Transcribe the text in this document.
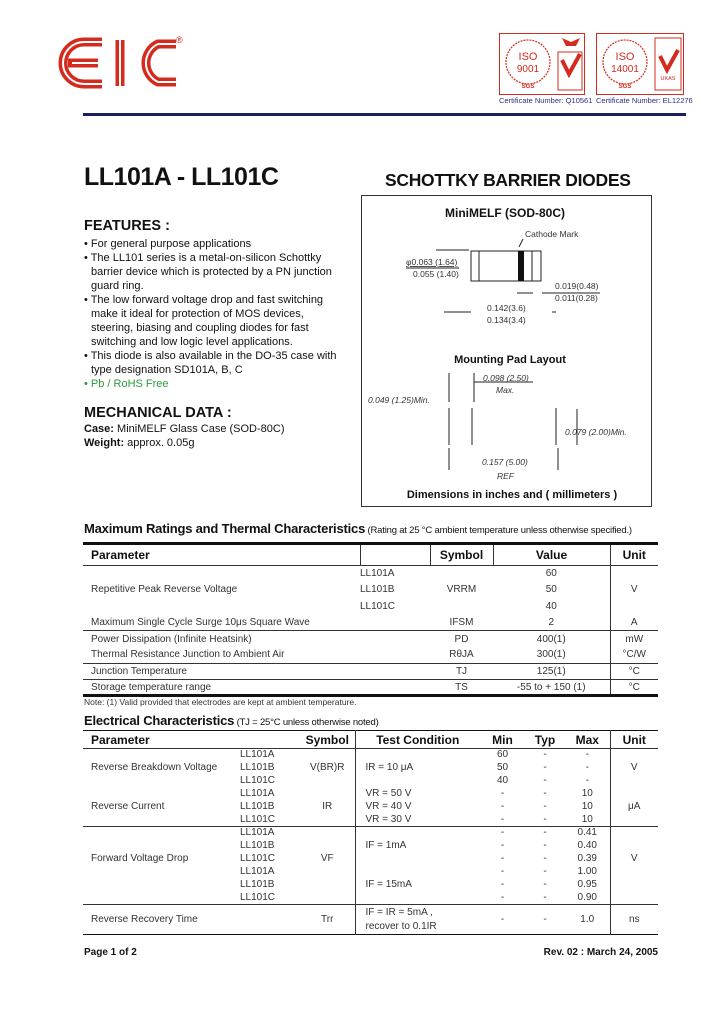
®
ISO
9001
SGS
ISO
14001
SGS
UKAS
Certificate Number: Q10561 Certificate Number: EL12276
LL101A - LL101C	SCHOTTKY BARRIER DIODES
FEATURES :
• For general purpose applications
• The LL101 series is a metal-on-silicon Schottky barrier device which is protected by a PN junction guard ring.
• The low forward voltage drop and fast switching make it ideal for protection of MOS devices, steering, biasing and coupling diodes for fast switching and low logic level applications.
• This diode is also available in the DO-35 case with type designation SD101A, B, C
• Pb / RoHS Free
MECHANICAL DATA :
Case: MiniMELF Glass Case (SOD-80C)
Weight: approx. 0.05g
MiniMELF (SOD-80C)
Cathode Mark
φ0.063 (1.64)
0.055 (1.40)
0.019(0.48)
0.011(0.28)
0.142(3.6)
0.134(3.4)
Mounting Pad Layout
0.098 (2.50)
Max.
0.049 (1.25)Min.
0.079 (2.00)Min.
0.157 (5.00)
REF
Dimensions in inches and ( millimeters )
Maximum Ratings and Thermal Characteristics (Rating at 25 °C ambient temperature unless otherwise specified.)
Parameter		Symbol	Value	Unit
	LL101A		60	
Repetitive Peak Reverse Voltage	LL101B	VRRM	50	V
	LL101C		40	
Maximum Single Cycle Surge 10μs Square Wave		IFSM	2	A
Power Dissipation (Infinite Heatsink)		PD	400(1)	mW
Thermal Resistance Junction to Ambient Air		RθJA	300(1)	°C/W
Junction Temperature		TJ	125(1)	°C
Storage temperature range		TS	-55 to + 150 (1)	°C
Note: (1) Valid provided that electrodes are kept at ambient temperature.
Electrical Characteristics (TJ = 25°C unless otherwise noted)
Parameter		Symbol	Test Condition	Min	Typ	Max	Unit
	LL101A			60	-	-	
Reverse Breakdown Voltage	LL101B	V(BR)R	IR = 10 μA	50	-	-	V
	LL101C			40	-	-	
	LL101A		VR = 50 V	-	-	10	
Reverse Current	LL101B	IR	VR = 40 V	-	-	10	μA
	LL101C		VR = 30 V	-	-	10	
	LL101A			-	-	0.41	
	LL101B		IF = 1mA	-	-	0.40	
Forward Voltage Drop	LL101C	VF		-	-	0.39	V
	LL101A			-	-	1.00	
	LL101B		IF = 15mA	-	-	0.95	
	LL101C			-	-	0.90	
Reverse Recovery Time		Trr	IF = IR = 5mA ,
recover to 0.1IR	-	-	1.0	ns
Page 1 of 2	Rev. 02 : March 24, 2005
